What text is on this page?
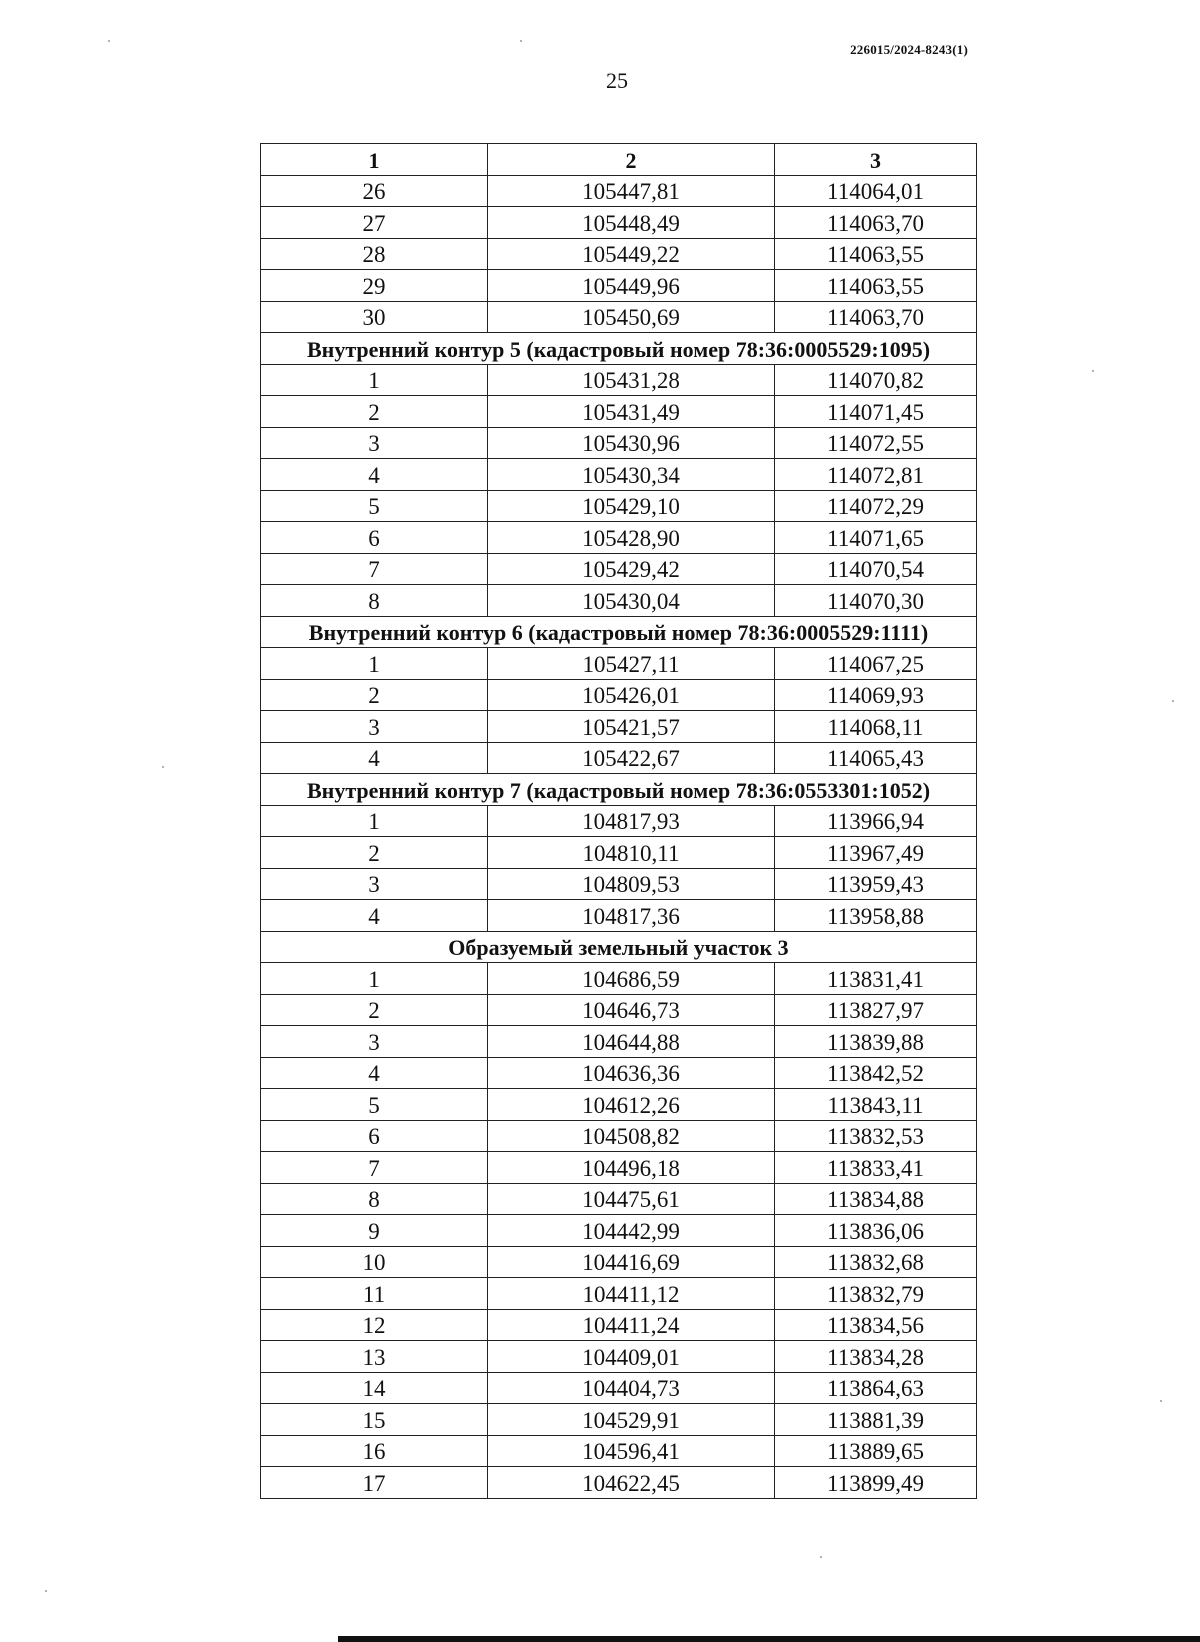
226015/2024-8243(1)
25
1	2	3
26	105447,81	114064,01
27	105448,49	114063,70
28	105449,22	114063,55
29	105449,96	114063,55
30	105450,69	114063,70
Внутренний контур 5 (кадастровый номер 78:36:0005529:1095)		
1	105431,28	114070,82
2	105431,49	114071,45
3	105430,96	114072,55
4	105430,34	114072,81
5	105429,10	114072,29
6	105428,90	114071,65
7	105429,42	114070,54
8	105430,04	114070,30
Внутренний контур 6 (кадастровый номер 78:36:0005529:1111)		
1	105427,11	114067,25
2	105426,01	114069,93
3	105421,57	114068,11
4	105422,67	114065,43
Внутренний контур 7 (кадастровый номер 78:36:0553301:1052)		
1	104817,93	113966,94
2	104810,11	113967,49
3	104809,53	113959,43
4	104817,36	113958,88
Образуемый земельный участок 3		
1	104686,59	113831,41
2	104646,73	113827,97
3	104644,88	113839,88
4	104636,36	113842,52
5	104612,26	113843,11
6	104508,82	113832,53
7	104496,18	113833,41
8	104475,61	113834,88
9	104442,99	113836,06
10	104416,69	113832,68
11	104411,12	113832,79
12	104411,24	113834,56
13	104409,01	113834,28
14	104404,73	113864,63
15	104529,91	113881,39
16	104596,41	113889,65
17	104622,45	113899,49
